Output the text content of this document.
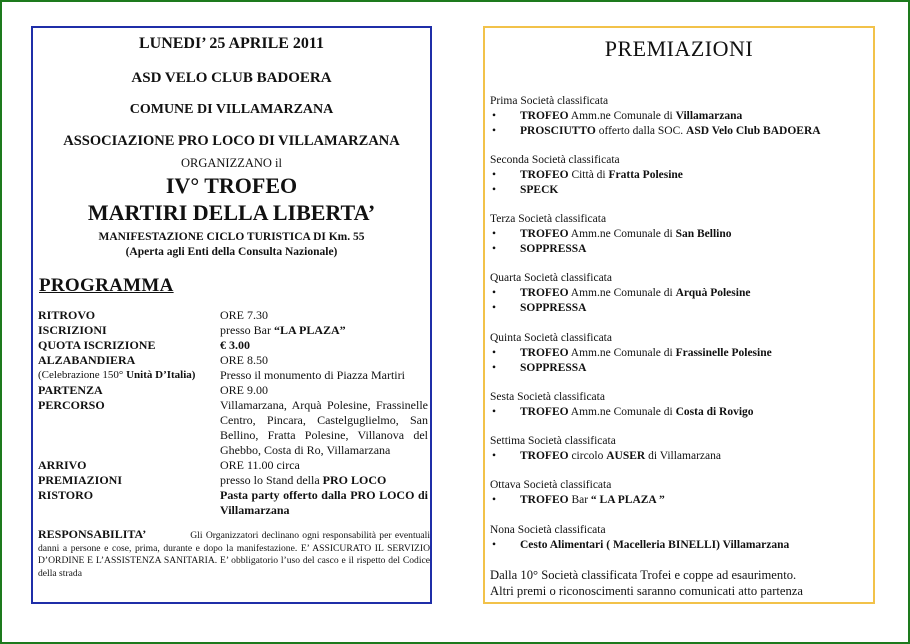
LUNEDI’ 25 APRILE 2011
ASD VELO CLUB BADOERA
COMUNE DI VILLAMARZANA
ASSOCIAZIONE PRO LOCO DI VILLAMARZANA
ORGANIZZANO il
IV° TROFEO
MARTIRI DELLA LIBERTA’
MANIFESTAZIONE CICLO TURISTICA DI Km. 55
(Aperta agli Enti della Consulta Nazionale)
PROGRAMMA
RITROVO	ORE 7.30
ISCRIZIONI	presso Bar “LA PLAZA”
QUOTA ISCRIZIONE	€ 3.00
ALZABANDIERA	ORE 8.50
(Celebrazione 150° Unità D’Italia) Presso il monumento di Piazza Martiri
PARTENZA	ORE 9.00
PERCORSO	Villamarzana, Arquà Polesine, Frassinelle Centro, Pincara, Castelguglielmo, San Bellino, Fratta Polesine, Villanova del Ghebbo, Costa di Ro, Villamarzana
ARRIVO	ORE 11.00 circa
PREMIAZIONI	presso lo Stand della PRO LOCO
RISTORO	Pasta party offerto dalla PRO LOCO di Villamarzana
RESPONSABILITA’	Gli Organizzatori declinano ogni responsabilità per eventuali danni a persone e cose, prima, durante e dopo la manifestazione. E’ ASSICURATO IL SERVIZIO D’ORDINE E L’ASSISTENZA SANITARIA. E’ obbligatorio l’uso del casco e il rispetto del Codice della strada
PREMIAZIONI
Prima Società classificata
• TROFEO Amm.ne Comunale di Villamarzana
• PROSCIUTTO offerto dalla SOC. ASD Velo Club BADOERA
Seconda Società classificata
• TROFEO Città di Fratta Polesine
• SPECK
Terza Società classificata
• TROFEO Amm.ne Comunale di San Bellino
• SOPPRESSA
Quarta Società classificata
• TROFEO Amm.ne Comunale di Arquà Polesine
• SOPPRESSA
Quinta Società classificata
• TROFEO Amm.ne Comunale di Frassinelle Polesine
• SOPPRESSA
Sesta Società classificata
• TROFEO Amm.ne Comunale di Costa di Rovigo
Settima Società classificata
• TROFEO circolo AUSER di Villamarzana
Ottava Società classificata
• TROFEO Bar “ LA PLAZA ”
Nona Società classificata
• Cesto Alimentari ( Macelleria BINELLI) Villamarzana
Dalla 10° Società classificata Trofei e coppe ad esaurimento.
Altri premi o riconoscimenti saranno comunicati atto partenza
